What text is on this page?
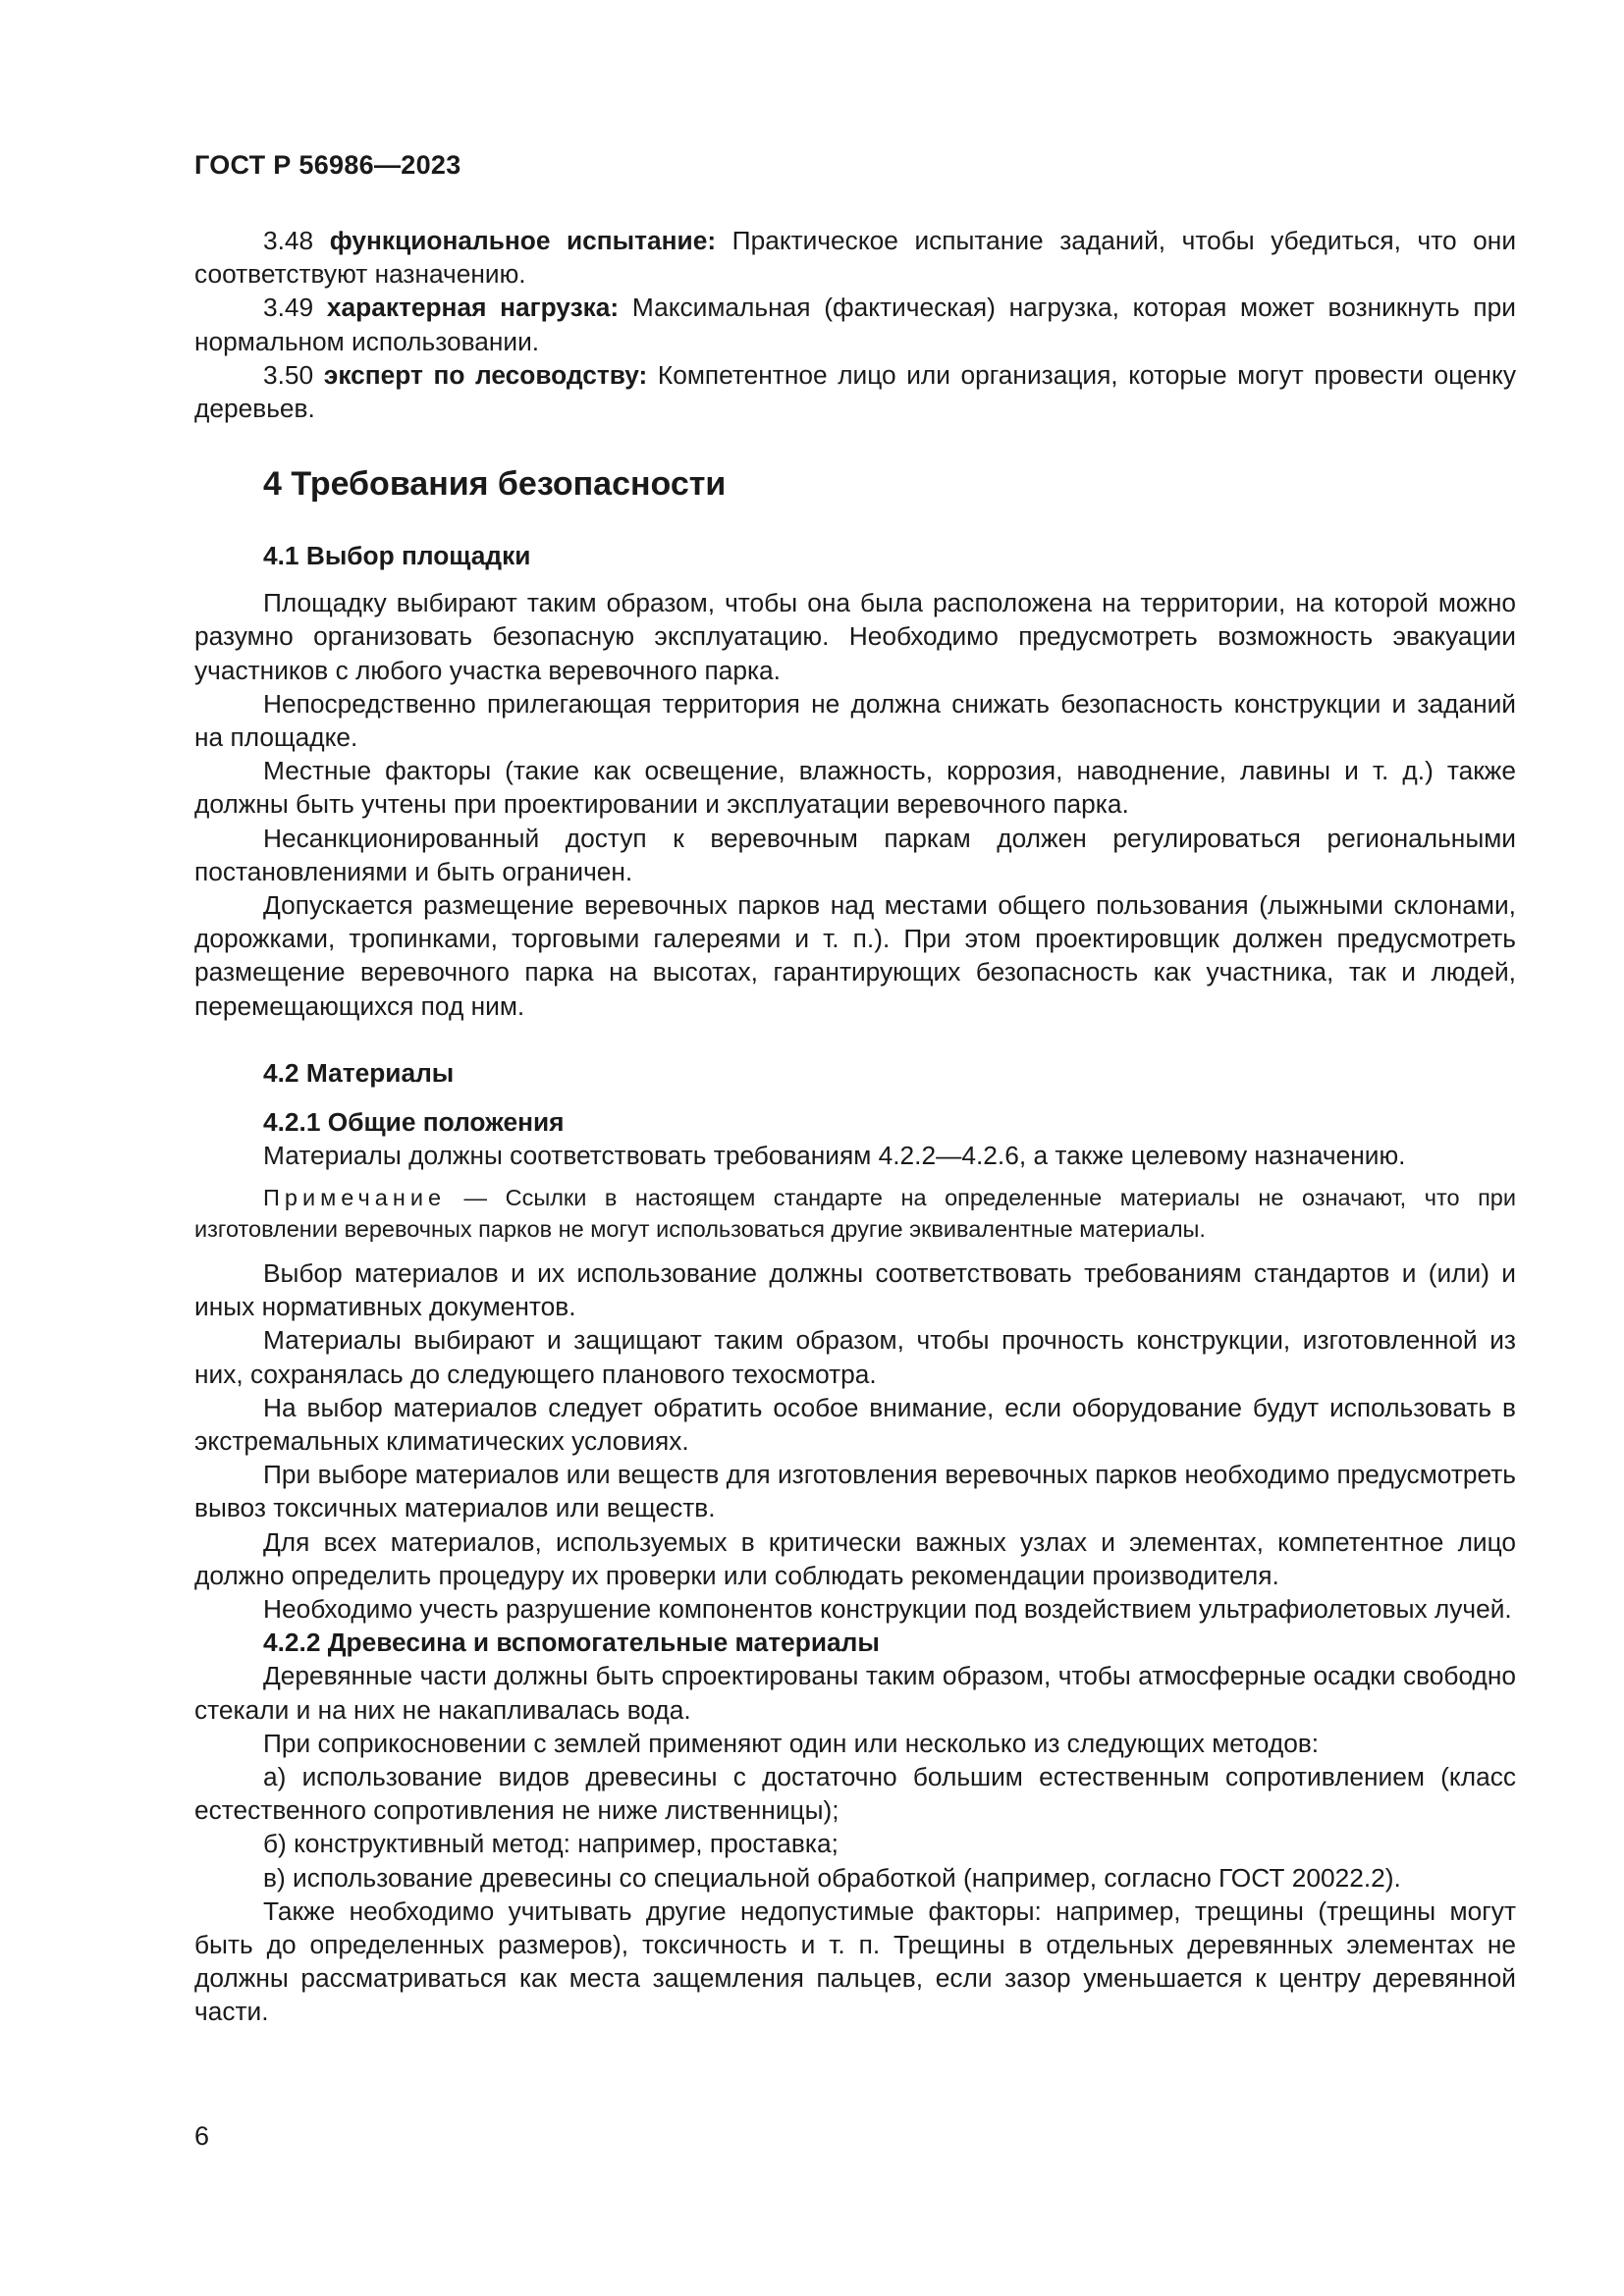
ГОСТ Р 56986—2023

3.48 функциональное испытание: Практическое испытание заданий, чтобы убедиться, что они соответствуют назначению.

3.49 характерная нагрузка: Максимальная (фактическая) нагрузка, которая может возникнуть при нормальном использовании.

3.50 эксперт по лесоводству: Компетентное лицо или организация, которые могут провести оценку деревьев.

4 Требования безопасности
4.1 Выбор площадки

Площадку выбирают таким образом, чтобы она была расположена на территории, на которой можно разумно организовать безопасную эксплуатацию. Необходимо предусмотреть возможность эвакуации участников с любого участка веревочного парка.

Непосредственно прилегающая территория не должна снижать безопасность конструкции и заданий на площадке.

Местные факторы (такие как освещение, влажность, коррозия, наводнение, лавины и т. д.) также должны быть учтены при проектировании и эксплуатации веревочного парка.

Несанкционированный доступ к веревочным паркам должен регулироваться региональными постановлениями и быть ограничен.

Допускается размещение веревочных парков над местами общего пользования (лыжными склонами, дорожками, тропинками, торговыми галереями и т. п.). При этом проектировщик должен предусмотреть размещение веревочного парка на высотах, гарантирующих безопасность как участника, так и людей, перемещающихся под ним.

4.2 Материалы
4.2.1 Общие положения

Материалы должны соответствовать требованиям 4.2.2—4.2.6, а также целевому назначению.

Примечание — Ссылки в настоящем стандарте на определенные материалы не означают, что при изготовлении веревочных парков не могут использоваться другие эквивалентные материалы.

Выбор материалов и их использование должны соответствовать требованиям стандартов и (или) и иных нормативных документов.

Материалы выбирают и защищают таким образом, чтобы прочность конструкции, изготовленной из них, сохранялась до следующего планового техосмотра.

На выбор материалов следует обратить особое внимание, если оборудование будут использовать в экстремальных климатических условиях.

При выборе материалов или веществ для изготовления веревочных парков необходимо предусмотреть вывоз токсичных материалов или веществ.

Для всех материалов, используемых в критически важных узлах и элементах, компетентное лицо должно определить процедуру их проверки или соблюдать рекомендации производителя.

Необходимо учесть разрушение компонентов конструкции под воздействием ультрафиолетовых лучей.

4.2.2 Древесина и вспомогательные материалы

Деревянные части должны быть спроектированы таким образом, чтобы атмосферные осадки свободно стекали и на них не накапливалась вода.

При соприкосновении с землей применяют один или несколько из следующих методов:

а) использование видов древесины с достаточно большим естественным сопротивлением (класс естественного сопротивления не ниже лиственницы);

б) конструктивный метод: например, проставка;

в) использование древесины со специальной обработкой (например, согласно ГОСТ 20022.2).

Также необходимо учитывать другие недопустимые факторы: например, трещины (трещины могут быть до определенных размеров), токсичность и т. п. Трещины в отдельных деревянных элементах не должны рассматриваться как места защемления пальцев, если зазор уменьшается к центру деревянной части.

6
